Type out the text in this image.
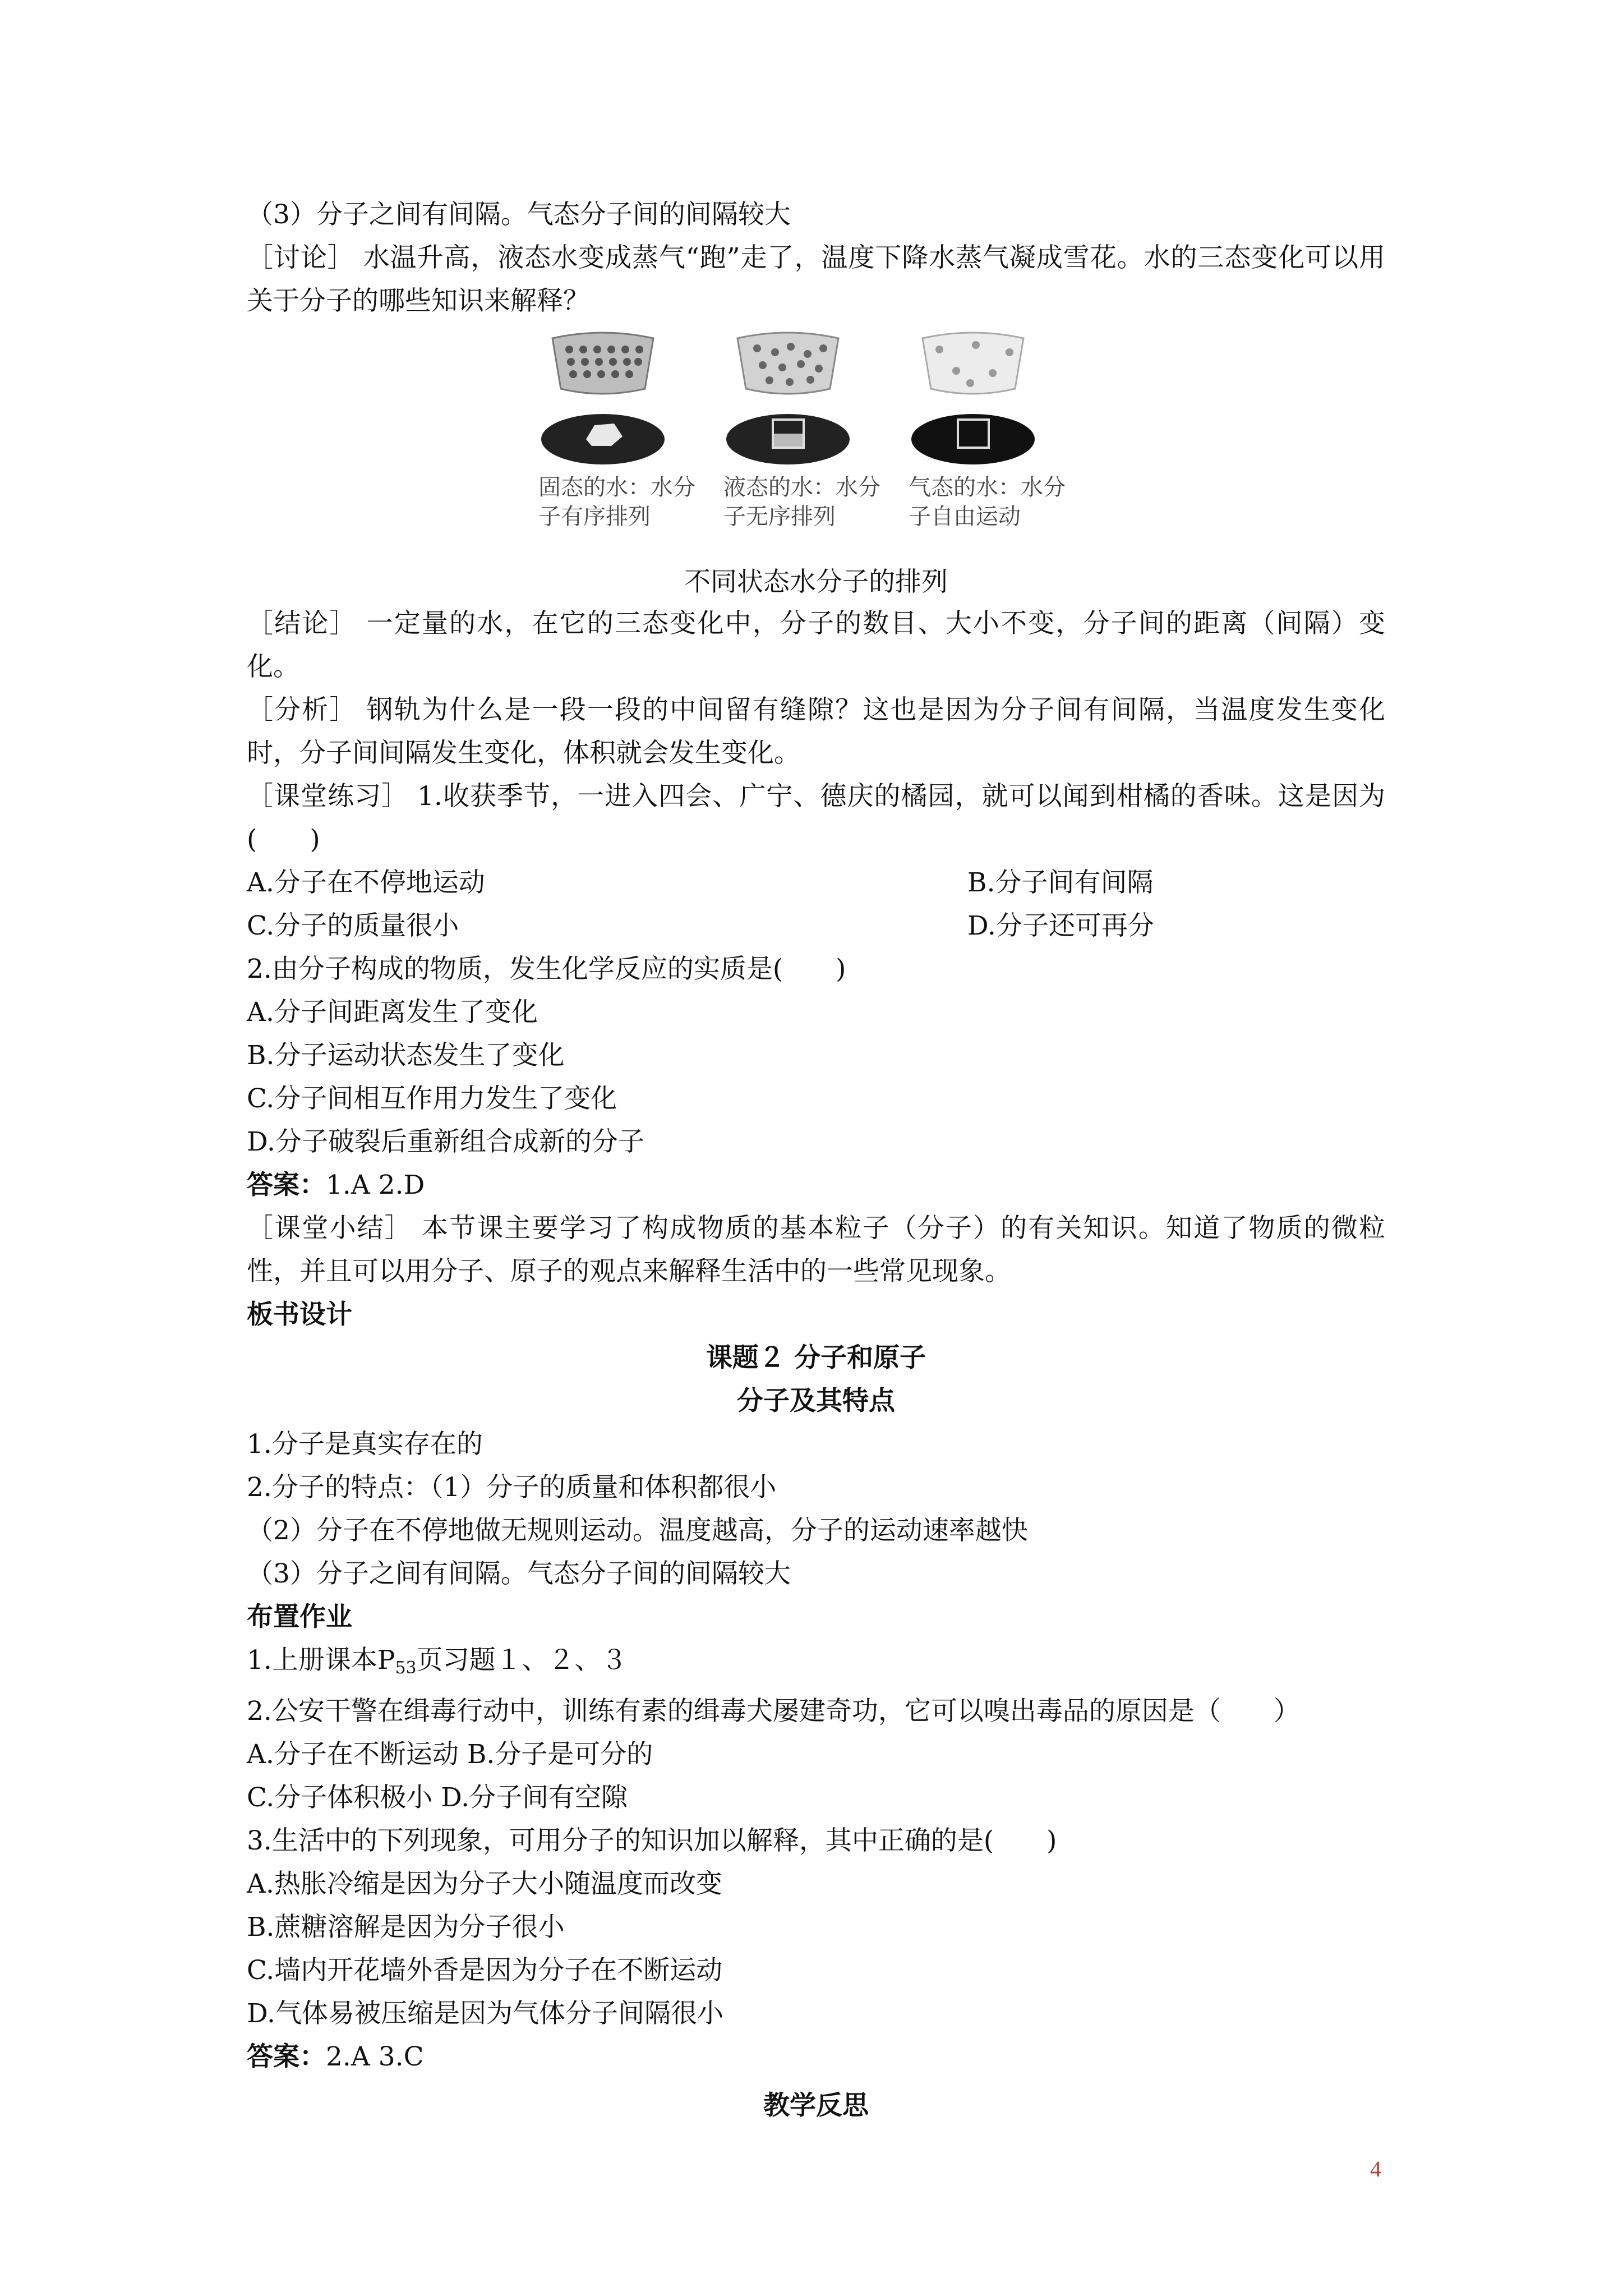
（3）分子之间有间隔。气态分子间的间隔较大
［讨论］ 水温升高，液态水变成蒸气“跑”走了，温度下降水蒸气凝成雪花。水的三态变化可以用关于分子的哪些知识来解释？
固态的水：水分子有序排列
液态的水：水分子无序排列
气态的水：水分子自由运动
不同状态水分子的排列
［结论］ 一定量的水，在它的三态变化中，分子的数目、大小不变，分子间的距离（间隔）变化。
［分析］ 钢轨为什么是一段一段的中间留有缝隙？这也是因为分子间有间隔，当温度发生变化时，分子间间隔发生变化，体积就会发生变化。
［课堂练习］ 1.收获季节，一进入四会、广宁、德庆的橘园，就可以闻到柑橘的香味。这是因为(　　)
A.分子在不停地运动	B.分子间有间隔
C.分子的质量很小	D.分子还可再分
2.由分子构成的物质，发生化学反应的实质是(　　)
A.分子间距离发生了变化
B.分子运动状态发生了变化
C.分子间相互作用力发生了变化
D.分子破裂后重新组合成新的分子
答案：1.A 2.D
［课堂小结］ 本节课主要学习了构成物质的基本粒子（分子）的有关知识。知道了物质的微粒性，并且可以用分子、原子的观点来解释生活中的一些常见现象。
板书设计
课题２ 分子和原子
分子及其特点
1.分子是真实存在的
2.分子的特点：（1）分子的质量和体积都很小
（2）分子在不停地做无规则运动。温度越高，分子的运动速率越快
（3）分子之间有间隔。气态分子间的间隔较大
布置作业
1.上册课本$P_{53}$页习题１、２、３
2.公安干警在缉毒行动中，训练有素的缉毒犬屡建奇功，它可以嗅出毒品的原因是（　　）
A.分子在不断运动 B.分子是可分的
C.分子体积极小 D.分子间有空隙
3.生活中的下列现象，可用分子的知识加以解释，其中正确的是(　　)
A.热胀冷缩是因为分子大小随温度而改变
B.蔗糖溶解是因为分子很小
C.墙内开花墙外香是因为分子在不断运动
D.气体易被压缩是因为气体分子间隔很小
答案：2.A 3.C
教学反思
4
